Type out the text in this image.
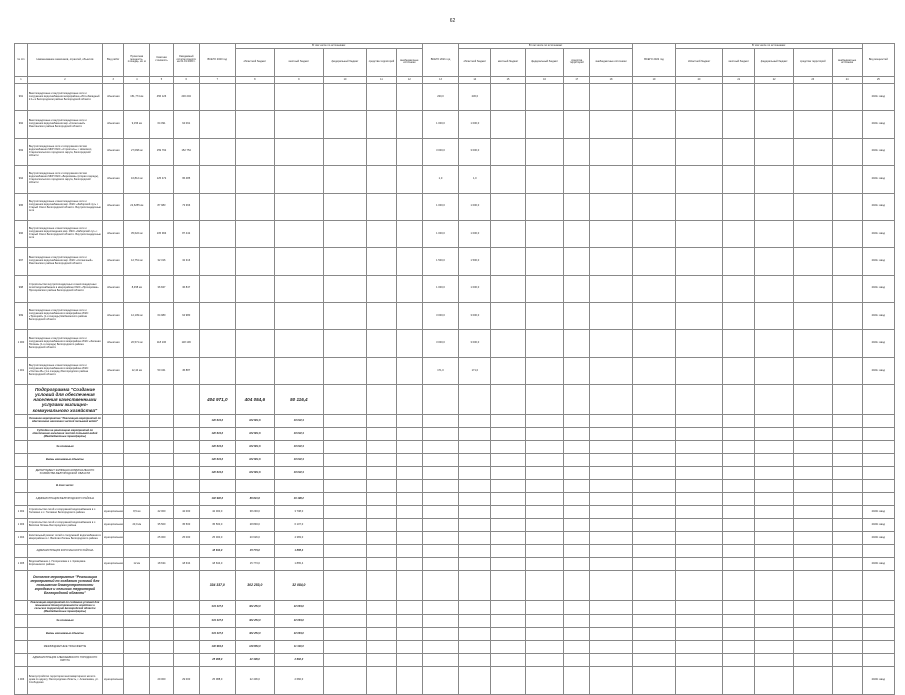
62
№ п/п	Наименование заказчиков, отраслей, объектов	Вид работ	Проектная мощность, площадь, кв. м	Сметная стоимость	Ожидаемый остаток средств на 01.01.2020 г.	ВСЕГО 2020 год	В том числе по источникам:					ВСЕГО 2021 год	В том числе по источникам:					ВСЕГО 2022 год	В том числе по источникам:					Вид мощностей
							областной бюджет	местный бюджет	федеральный бюджет	средства территорий	внебюджетные источники		областной бюджет	местный бюджет	федеральный бюджет	средства территорий	внебюджетные источники		областной бюджет	местный бюджет	федеральный бюджет	средства территорий	внебюджетные источники	
1	2	3	4	5	6	7	8	9	10	11	12	13	14	15	16	17	18	19	20	21	22	23	24	25
991	Внеплощадочные и внутриплощадочные сети и сооружения водоснабжения микрорайона «Юго-Западный 2.1» в Белгородском районе Белгородской области	объектная	151,774 км	456 126	230 204							230,0	230,0											2021г. ввод
992	Внеплощадочные и внутриплощадочные сети и сооружения водоснабжения мкр «Солнечный» Ракитянского района Белгородской области	объектная	9,156 км	64 091	64 091							1 000,0	1 000,0											2021г. ввод
993	Внутриплощадочные сети и сооружения систем водоснабжения МКР ИЖС «Строитель» г. Новоскол, Старооскольского городского округа, Белгородской области	объектная	27,068 км	159 792	152 754							3 000,0	3 000,0											2021г. ввод
994	Внутриплощадочные сети и сооружения систем водоснабжения МКР ИЖС «Березовка» (вторая очередь), Старооскольского городского округа, Белгородской области	объектная	16,812 км	125 472	95 485							1,0	1,0											2021г. ввод
995	Внутриплощадочные и внеплощадочные сети и сооружения водоснабжения мкр. ИЖС «Заборский луг» г. Старый Оскол Белгородской области. Внутриплощадочные сети	объектная	22,6255 км	87 983	73 366							1 000,0	1 000,0											2021г. ввод
996	Внутриплощадочные и внеплощадочные сети и сооружения водоотведения мкр. ИЖС «Заборский луг» г. Старый Оскол Белгородской области. Внутриплощадочные сети	объектная	35,622 км	105 993	87 442							1 000,0	1 000,0											2021г. ввод
997	Внеплощадочные и внутриплощадочные сети и сооружения водоснабжения мкр. ИЖС «Солнечный» Ракитянского района Белгородской области	объектная	12,751 км	32 316	32 316							1 500,0	1 500,0											2021г. ввод
998	Строительство внутриплощадочных и внеплощадочных сетей водоснабжения в микрорайоне ИЖС «Прохоровка» Прохоровского района Белгородской области	объектная	8,458 км	36 847	36 847							1 000,0	1 000,0											2021г. ввод
999	Внеплощадочные и внутриплощадочные сети и сооружения водоснабжения в микрорайоне ИЖС «Троицкий» (1-я очередь) Шебекинского района Белгородской области	объектная	12,109 км	64 980	64 980							3 000,0	3 000,0											2021г. ввод
1 000	Внеплощадочные и внутриплощадочные сети и сооружения водоснабжения в микрорайоне ИЖС «Зеленая Поляна» (1-я очередь) Белгородского района Белгородской области	объектная	20,571 км	118 106	118 106							3 000,0	3 000,0											2021г. ввод
1 001	Внутриплощадочные и внеплощадочные сети и сооружения водоснабжения в микрорайоне ИЖС «Улитка-46» (1-я очередь) Белгородского района Белгородской области	объектная	12,44 км	50 341	45 887							171,0	171,0											2021г. ввод
	Подпрограмма "Создание условий для обеспечения населения качественными услугами жилищно-коммунального хозяйства"					404 971,0	404 054,6	50 116,4																
	Основное мероприятие "Реализация мероприятий по обеспечению населения чистой питьевой водой"					120 634,0	102 601,6	18 032,4																
	Субсидии на реализацию мероприятий по обеспечению населения чистой питьевой водой (Межбюджетные трансферты)					120 634,0	102 601,6	18 032,4																
	За основным					120 634,0	102 601,6	18 032,4																
	Вновь начинаемые объекты					120 634,0	102 601,6	18 032,4																
	ДЕПАРТАМЕНТ ЖИЛИЩНО-КОММУНАЛЬНОГО ХОЗЯЙСТВА БЕЛГОРОДСКОЙ ОБЛАСТИ					120 634,0	102 601,6	18 032,4																
	В том числе:																							
	АДМИНИСТРАЦИЯ БЕЛГОРОДСКОГО РАЙОНА					102 900,0	86 821,6	16 198,2																
1 002	Строительство сетей и сооружений водоснабжения в с. Головино и с. Головино Белгородского района	муниципальная	8,5 км	42 000	42 000	42 000,0	38 293,0	3 708,0																2020г. ввод
1 003	Строительство сетей и сооружений водоснабжения в с. Весёлая Лопань Белгородского района	муниципальная	23,9 км	35 500	35 500	35 500,0	28 893,0	6 107,0																2020г. ввод
1 004	Капитальный ремонт сетей и сооружений водоснабжения в микрорайоне в с. Весёлая Лопань Белгородского района	муниципальная		25 000	25 000	25 000,0	20 626,0	4 383,0																2020г. ввод
	АДМИНИСТРАЦИЯ КОРОЧАНСКОГО РАЙОНА					18 634,0	15 773,0	1 865,4																
1 005	Водоснабжение с. Погореловка и с. Кривцовка Корочанского района	муниципальная	12 км	18 634	18 634	18 634,0	15 773,0	1 865,4																2020г. ввод
	Основное мероприятие "Реализация мероприятий по созданию условий для повышения благоустроенности городских и сельских территорий Белгородской области"					334 337,0	302 253,0	32 084,0																
	Реализация мероприятий по созданию условий для повышения благоустроенности городских и сельских территорий Белгородской области (Межбюджетные трансферты)					334 337,0	302 253,0	32 084,0																
	За основным					334 337,0	302 253,0	32 084,0																
	Вновь начинаемые объекты					334 337,0	302 253,0	32 084,0																
	МЕЖБЮДЖЕТНЫЕ ТРАНСФЕРТЫ					140 984,0	129 654,0	11 330,0																
	АДМИНИСТРАЦИЯ АЛЕКСЕЕВСКОГО ГОРОДСКОГО ОКРУГА					25 088,0	22 406,0	2 682,0																
1 006	Благоустройство территории многоквартирного жилого дома по адресу: Белгородская область, г. Алексеевка, ул. Слободская	муниципальная		29 000	29 000	25 088,0	22 406,0	2 682,0																2020г. ввод
